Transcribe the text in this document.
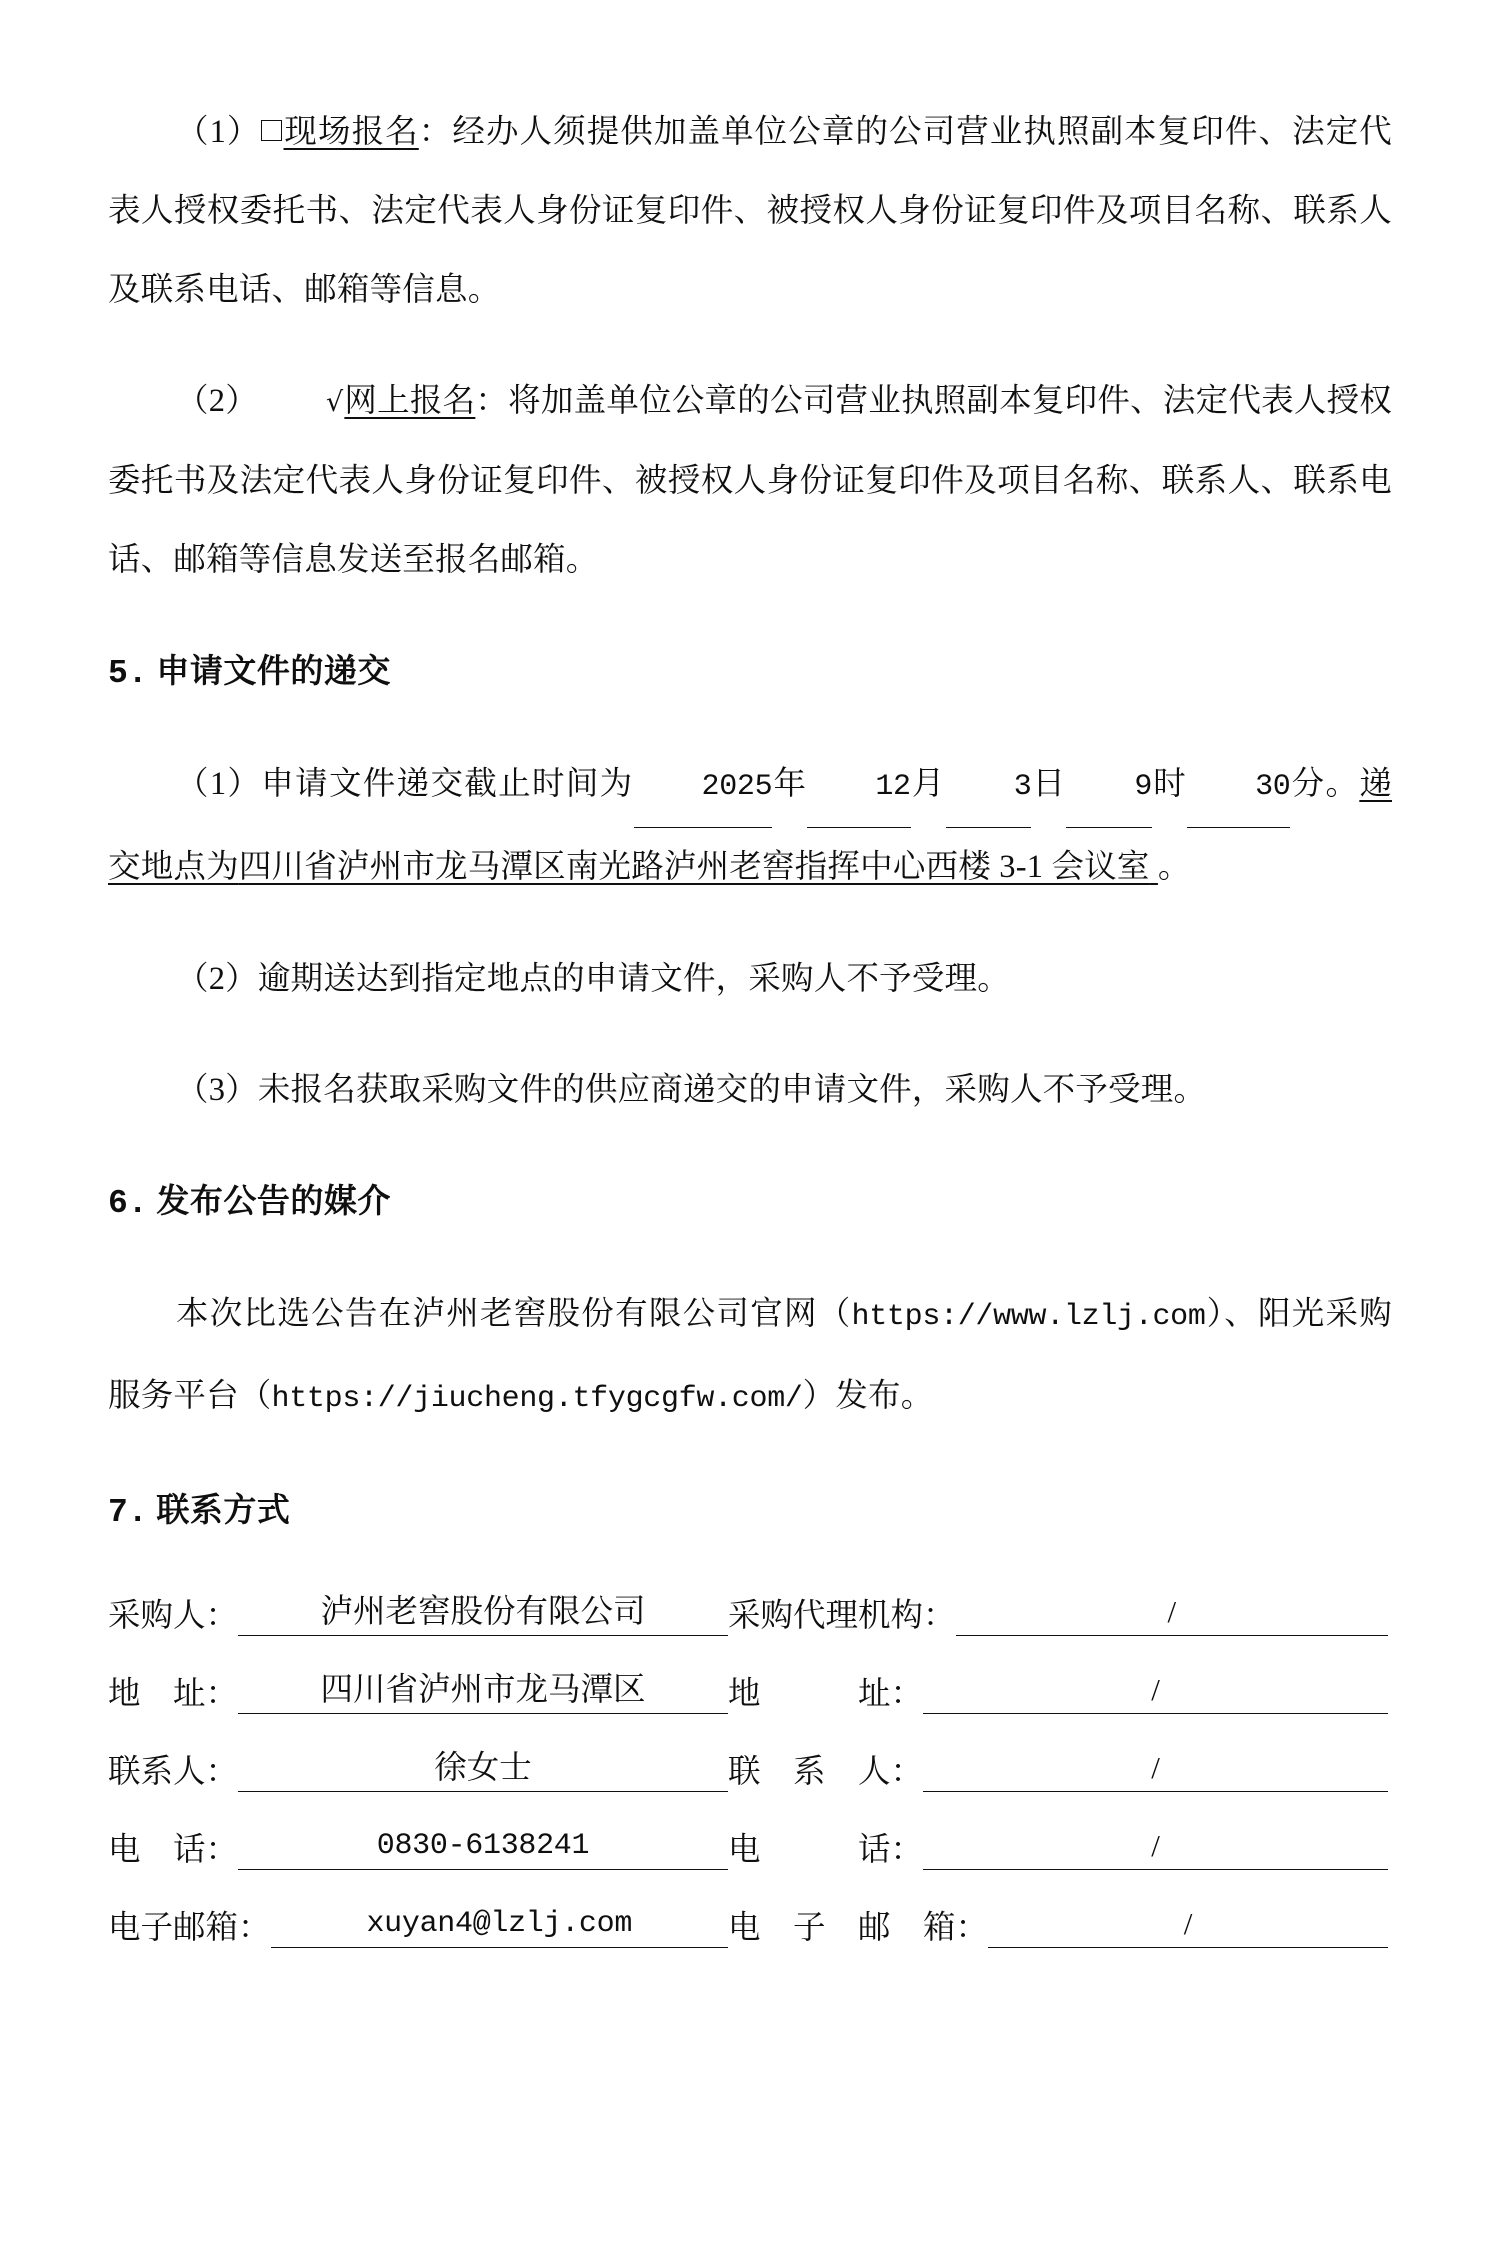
（1） 现场报名：经办人须提供加盖单位公章的公司营业执照副本复印件、法定代表人授权委托书、法定代表人身份证复印件、被授权人身份证复印件及项目名称、联系人及联系电话、邮箱等信息。

（2）	√网上报名：将加盖单位公章的公司营业执照副本复印件、法定代表人授权委托书及法定代表人身份证复印件、被授权人身份证复印件及项目名称、联系人、联系电话、邮箱等信息发送至报名邮箱。

5. 申请文件的递交

（1）申请文件递交截止时间为 2025年 12月 3日 9时 30分。递交地点为四川省泸州市龙马潭区南光路泸州老窖指挥中心西楼 3-1 会议室 。

（2）逾期送达到指定地点的申请文件，采购人不予受理。

（3）未报名获取采购文件的供应商递交的申请文件，采购人不予受理。

6. 发布公告的媒介

本次比选公告在泸州老窖股份有限公司官网（https://www.lzlj.com）、阳光采购服务平台（https://jiucheng.tfygcgfw.com/）发布。

7. 联系方式
采购人：	泸州老窖股份有限公司	采购代理机构：	/
地　址：	四川省泸州市龙马潭区	地　　　址：	/
联系人：	徐女士	联　系　人：	/
电　话：	0830-6138241	电　　　话：	/
电子邮箱：	xuyan4@lzlj.com	电　子　邮　箱：	/
